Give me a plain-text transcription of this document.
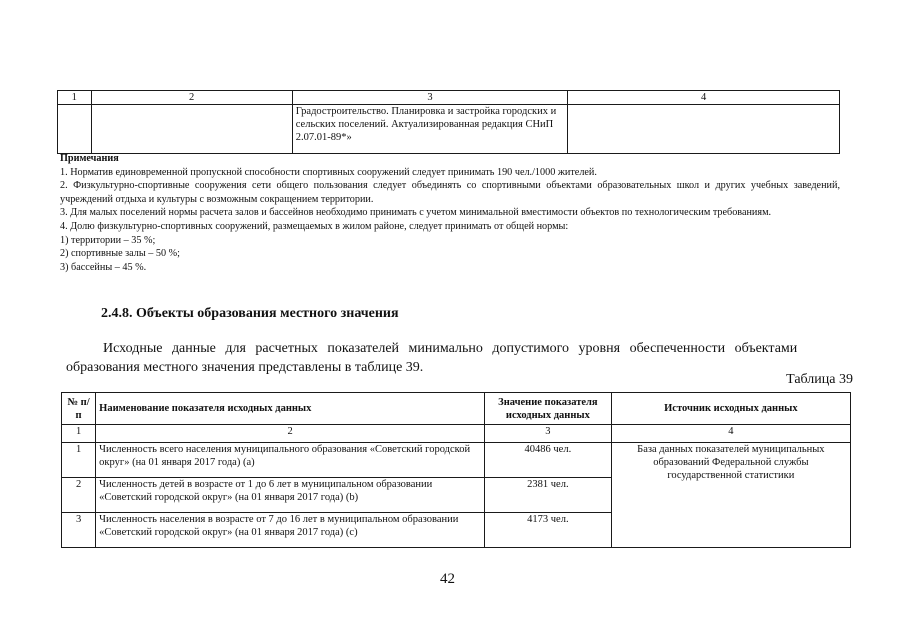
1	2	3	4
		Градостроительство. Планировка и застройка городских и сельских поселений. Актуализированная редакция СНиП 2.07.01-89*»	

Примечания

1. Норматив единовременной пропускной способности спортивных сооружений следует принимать 190 чел./1000 жителей.

2. Физкультурно-спортивные сооружения сети общего пользования следует объединять со спортивными объектами образовательных школ и других учебных заведений, учреждений отдыха и культуры с возможным сокращением территории.

3. Для малых поселений нормы расчета залов и бассейнов необходимо принимать с учетом минимальной вместимости объектов по технологическим требованиям.

4. Долю физкультурно-спортивных сооружений, размещаемых в жилом районе, следует принимать от общей нормы:

1) территории – 35 %;

2) спортивные залы – 50 %;

3) бассейны – 45 %.

2.4.8. Объекты образования местного значения

Исходные данные для расчетных показателей минимально допустимого уровня обеспеченности объектами

образования местного значения представлены в таблице 39.

Таблица 39
№ п/п	Наименование показателя исходных данных	Значение показателя исходных данных	Источник исходных данных
1	2	3	4
1	Численность всего населения муниципального образования «Советский городской округ» (на 01 января 2017 года) (а)	40486 чел.	База данных показателей муниципальных образований Федеральной службы государственной статистики
2	Численность детей в возрасте от 1 до 6 лет в муниципальном образовании «Советский городской округ» (на 01 января 2017 года) (b)	2381 чел.	
3	Численность населения в возрасте от 7 до 16 лет в муниципальном образовании «Советский городской округ» (на 01 января 2017 года) (с)	4173 чел.	
42
